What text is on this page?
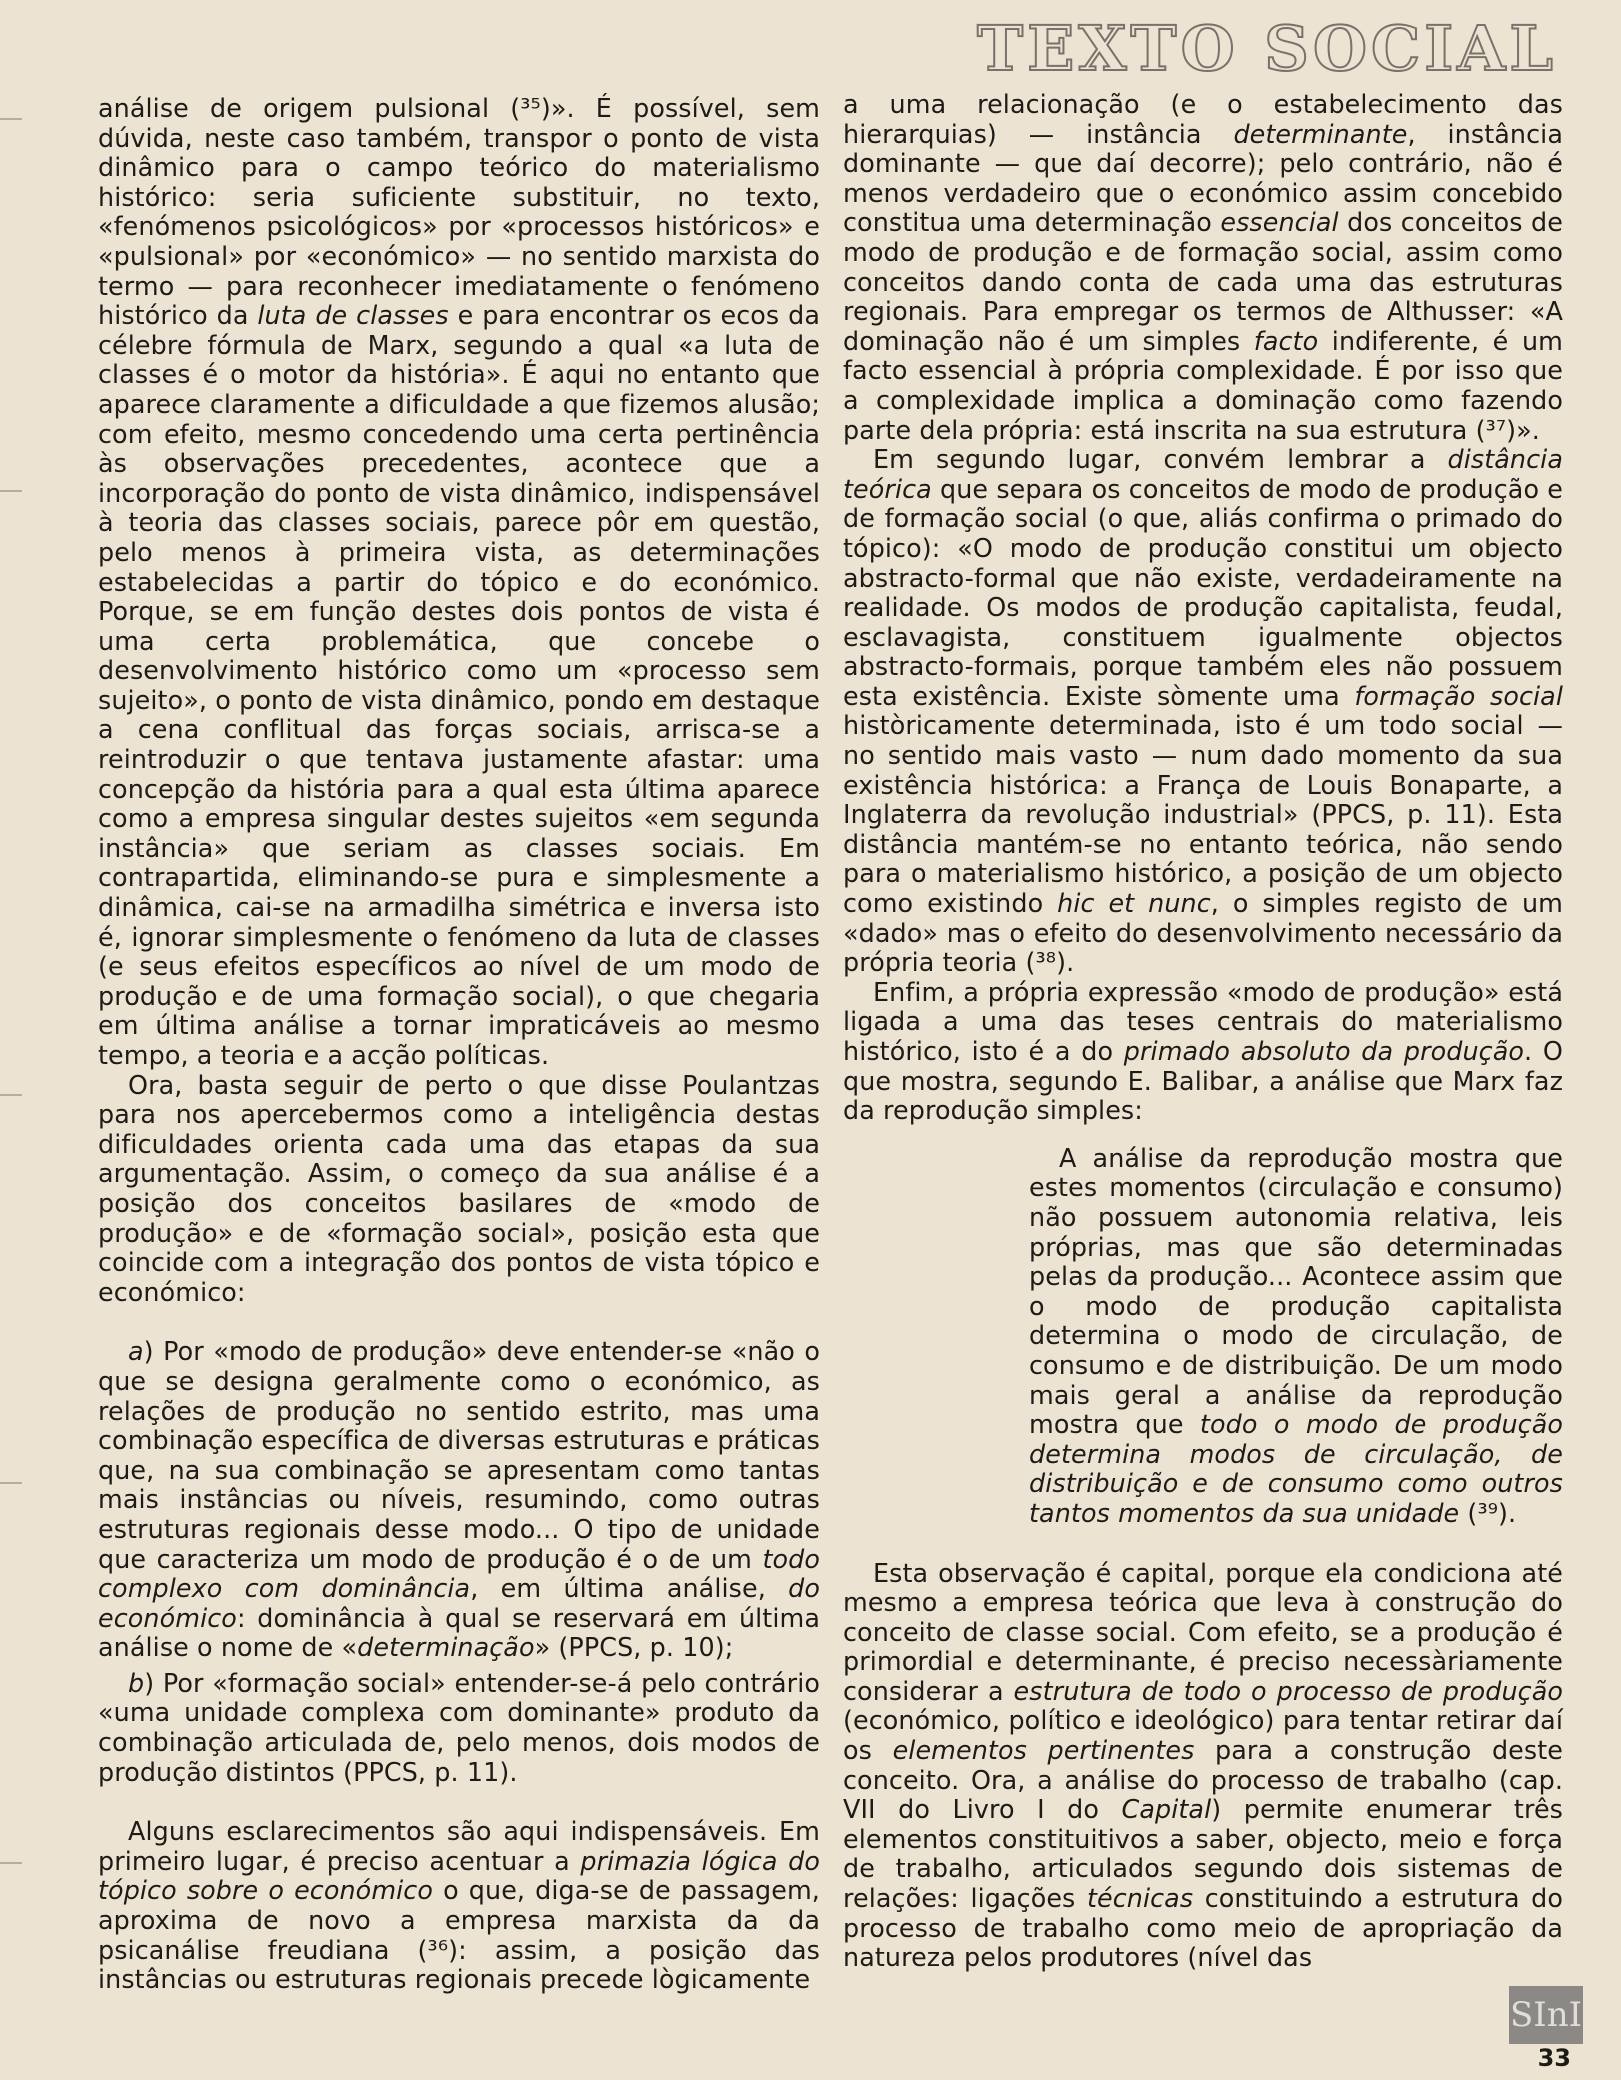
TEXTO SOCIAL

análise de origem pulsional (³⁵)». É possível, sem dúvida, neste caso também, transpor o ponto de vista dinâmico para o campo teórico do materialismo histórico: seria suficiente substituir, no texto, «fenómenos psicológicos» por «processos históricos» e «pulsional» por «económico» — no sentido marxista do termo — para reconhecer imediatamente o fenómeno histórico da luta de classes e para encontrar os ecos da célebre fórmula de Marx, segundo a qual «a luta de classes é o motor da história». É aqui no entanto que aparece claramente a dificuldade a que fizemos alusão; com efeito, mesmo concedendo uma certa pertinência às observações precedentes, acontece que a incorporação do ponto de vista dinâmico, indispensável à teoria das classes sociais, parece pôr em questão, pelo menos à primeira vista, as determinações estabelecidas a partir do tópico e do económico. Porque, se em função destes dois pontos de vista é uma certa problemática, que concebe o desenvolvimento histórico como um «processo sem sujeito», o ponto de vista dinâmico, pondo em destaque a cena conflitual das forças sociais, arrisca-se a reintroduzir o que tentava justamente afastar: uma concepção da história para a qual esta última aparece como a empresa singular destes sujeitos «em segunda instância» que seriam as classes sociais. Em contrapartida, eliminando-se pura e simplesmente a dinâmica, cai-se na armadilha simétrica e inversa isto é, ignorar simplesmente o fenómeno da luta de classes (e seus efeitos específicos ao nível de um modo de produção e de uma formação social), o que chegaria em última análise a tornar impraticáveis ao mesmo tempo, a teoria e a acção políticas.

Ora, basta seguir de perto o que disse Poulantzas para nos apercebermos como a inteligência destas dificuldades orienta cada uma das etapas da sua argumentação. Assim, o começo da sua análise é a posição dos conceitos basilares de «modo de produção» e de «formação social», posição esta que coincide com a integração dos pontos de vista tópico e económico:

a) Por «modo de produção» deve entender-se «não o que se designa geralmente como o económico, as relações de produção no sentido estrito, mas uma combinação específica de diversas estruturas e práticas que, na sua combinação se apresentam como tantas mais instâncias ou níveis, resumindo, como outras estruturas regionais desse modo... O tipo de unidade que caracteriza um modo de produção é o de um todo complexo com dominância, em última análise, do económico: dominância à qual se reservará em última análise o nome de «determinação» (PPCS, p. 10);

b) Por «formação social» entender-se-á pelo contrário «uma unidade complexa com dominante» produto da combinação articulada de, pelo menos, dois modos de produção distintos (PPCS, p. 11).

Alguns esclarecimentos são aqui indispensáveis. Em primeiro lugar, é preciso acentuar a primazia lógica do tópico sobre o económico o que, diga-se de passagem, aproxima de novo a empresa marxista da da psicanálise freudiana (³⁶): assim, a posição das instâncias ou estruturas regionais precede lògicamente

a uma relacionação (e o estabelecimento das hierarquias) — instância determinante, instância dominante — que daí decorre); pelo contrário, não é menos verdadeiro que o económico assim concebido constitua uma determinação essencial dos conceitos de modo de produção e de formação social, assim como conceitos dando conta de cada uma das estruturas regionais. Para empregar os termos de Althusser: «A dominação não é um simples facto indiferente, é um facto essencial à própria complexidade. É por isso que a complexidade implica a dominação como fazendo parte dela própria: está inscrita na sua estrutura (³⁷)».

Em segundo lugar, convém lembrar a distância teórica que separa os conceitos de modo de produção e de formação social (o que, aliás confirma o primado do tópico): «O modo de produção constitui um objecto abstracto-formal que não existe, verdadeiramente na realidade. Os modos de produção capitalista, feudal, esclavagista, constituem igualmente objectos abstracto-formais, porque também eles não possuem esta existência. Existe sòmente uma formação social històricamente determinada, isto é um todo social — no sentido mais vasto — num dado momento da sua existência histórica: a França de Louis Bonaparte, a Inglaterra da revolução industrial» (PPCS, p. 11). Esta distância mantém-se no entanto teórica, não sendo para o materialismo histórico, a posição de um objecto como existindo hic et nunc, o simples registo de um «dado» mas o efeito do desenvolvimento necessário da própria teoria (³⁸).

Enfim, a própria expressão «modo de produção» está ligada a uma das teses centrais do materialismo histórico, isto é a do primado absoluto da produção. O que mostra, segundo E. Balibar, a análise que Marx faz da reprodução simples:

A análise da reprodução mostra que estes momentos (circulação e consumo) não possuem autonomia relativa, leis próprias, mas que são determinadas pelas da produção... Acontece assim que o modo de produção capitalista determina o modo de circulação, de consumo e de distribuição. De um modo mais geral a análise da reprodução mostra que todo o modo de produção determina modos de circulação, de distribuição e de consumo como outros tantos momentos da sua unidade (³⁹).

Esta observação é capital, porque ela condiciona até mesmo a empresa teórica que leva à construção do conceito de classe social. Com efeito, se a produção é primordial e determinante, é preciso necessàriamente considerar a estrutura de todo o processo de produção (económico, político e ideológico) para tentar retirar daí os elementos pertinentes para a construção deste conceito. Ora, a análise do processo de trabalho (cap. VII do Livro I do Capital) permite enumerar três elementos constituitivos a saber, objecto, meio e força de trabalho, articulados segundo dois sistemas de relações: ligações técnicas constituindo a estrutura do processo de trabalho como meio de apropriação da natureza pelos produtores (nível das

SInI
33
